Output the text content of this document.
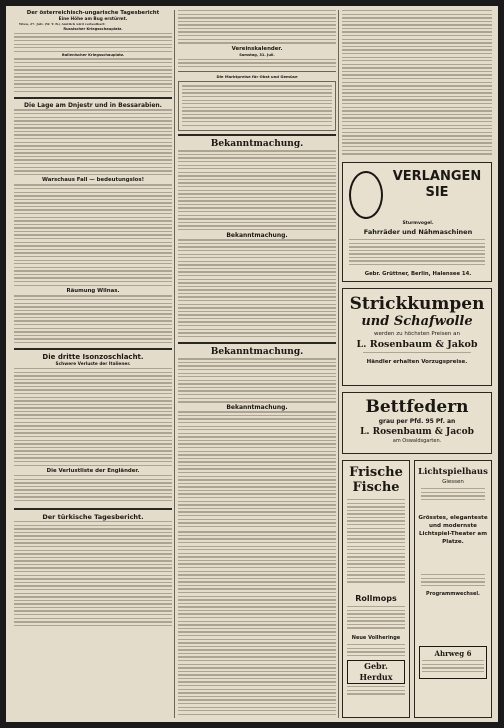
Der österreichisch-ungarische Tagesbericht
Eine Höhe am Bug erstürmt.

Wien, 27. Juli. (W. T. B.) Amtlich wird verlautbart:

Russischer Kriegsschauplatz.
Italienischer Kriegsschauplatz.
Die Lage am Dnjestr und in Bessarabien.
Warschaus Fall — bedeutungslos!
Räumung Wilnas.
Die dritte Isonzoschlacht.
Schwere Verluste der Italiener.
Die Verlustliste der Engländer.
Der türkische Tagesbericht.
Vereinskalender.
Samstag, 31. Juli.
Die Marktpreise für Obst und Gemüse
Bekanntmachung.
Bekanntmachung.
Bekanntmachung.
Bekanntmachung.
VERLANGEN
SIE
Sturmvogel.
Fahrräder und Nähmaschinen
Gebr. Grüttner, Berlin, Halensee 14.
Strickkumpen
und Schafwolle
werden zu höchsten Preisen an
L. Rosenbaum & Jakob
Händler erhalten Vorzugspreise.
Bettfedern
grau per Pfd. 95 Pf. an
L. Rosenbaum & Jacob
am Oswaldsgarten.
Frische
Fische
Rollmops
Neue Vollheringe
Gebr. Herdux
Lichtspielhaus
Giessen
Grösstes, eleganteste und modernste Lichtspiel-Theater am Platze.
Programmwechsel.
Ahrweg 6
